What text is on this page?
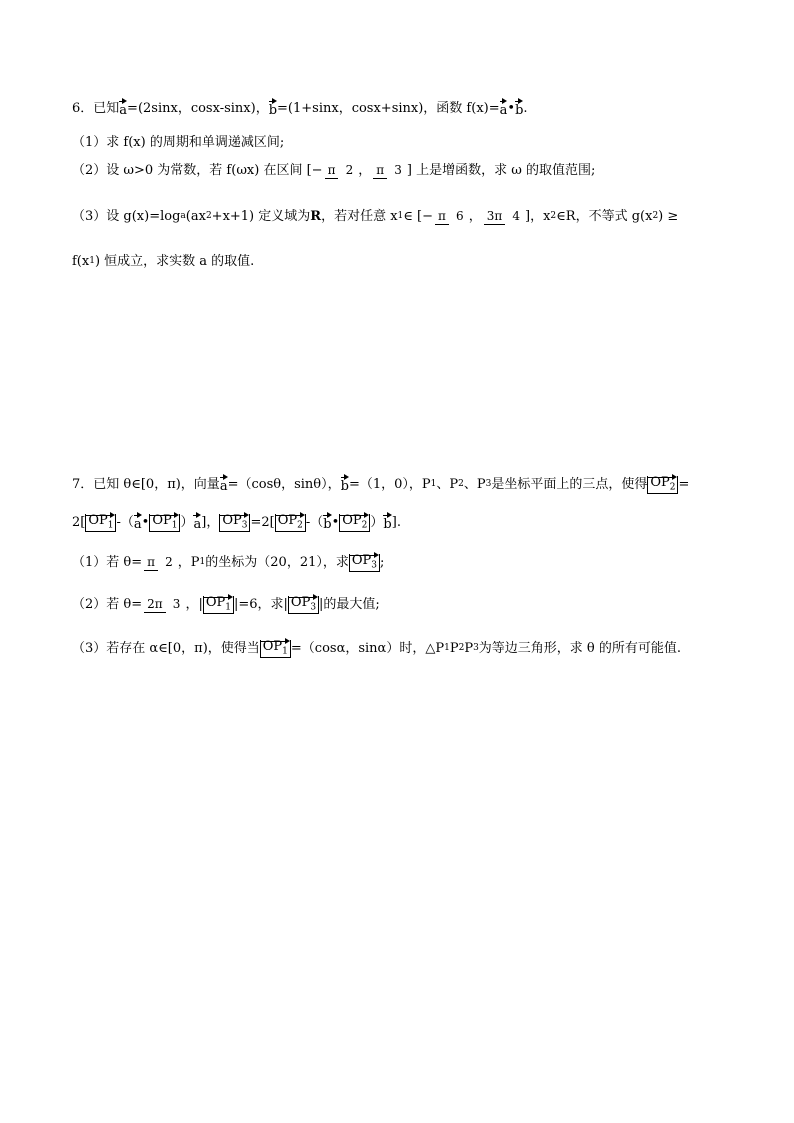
6．已知 a =(2sinx，cosx-sinx)， b =(1+sinx，cosx+sinx)，函数 f(x)= a • b .
（1）求 f(x) 的周期和单调递减区间;
（2）设 ω>0 为常数，若 f(ωx) 在区间 [− π 2 ， π 3 ] 上是增函数，求 ω 的取值范围;
（3）设 g(x)=log a (ax 2 +x+1) 定义域为 R ，若对任意 x 1 ∈ [− π 6 ， 3π 4 ]，x 2 ∈R，不等式 g(x 2 ) ≥
f(x 1 ) 恒成立，求实数 a 的取值.
7．已知 θ∈[0，π)，向量 a =（cosθ，sinθ）， b =（1，0），P 1 、P 2 、P 3 是坐标平面上的三点，使得 $OP_2$ =
2[ $OP_1$ -（ a • $OP_1$ ） a ]， $OP_3 =2$[ $OP_2$ -（ b • $OP_2$ ） b ].
（1）若 θ= π 2 ，P 1 的坐标为（20，21），求 $OP_3$ ;
（2）若 θ= 2π 3 ，| $OP_1$ |=6，求| $OP_3$ |的最大值;
（3）若存在 α∈[0，π)，使得当 $OP_1 =(\cos\alpha$，sinα）时，△P 1 P 2 P 3 为等边三角形，求 θ 的所有可能值.
